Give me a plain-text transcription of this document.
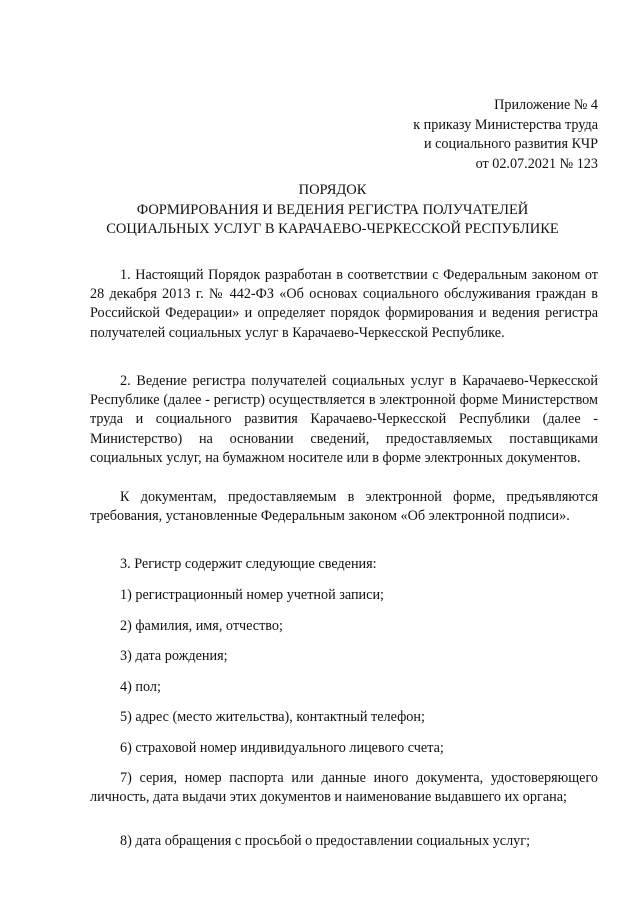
Приложение № 4
к приказу Министерства труда
и социального развития КЧР
от 02.07.2021 № 123
ПОРЯДОК
ФОРМИРОВАНИЯ И ВЕДЕНИЯ РЕГИСТРА ПОЛУЧАТЕЛЕЙ
СОЦИАЛЬНЫХ УСЛУГ В КАРАЧАЕВО-ЧЕРКЕССКОЙ РЕСПУБЛИКЕ

1. Настоящий Порядок разработан в соответствии с Федеральным законом от 28 декабря 2013 г. № 442-ФЗ «Об основах социального обслуживания граждан в Российской Федерации» и определяет порядок формирования и ведения регистра получателей социальных услуг в Карачаево-Черкесской Республике.

2. Ведение регистра получателей социальных услуг в Карачаево-Черкесской Республике (далее - регистр) осуществляется в электронной форме Министерством труда и социального развития Карачаево-Черкесской Республики (далее - Министерство) на основании сведений, предоставляемых поставщиками социальных услуг, на бумажном носителе или в форме электронных документов.

К документам, предоставляемым в электронной форме, предъявляются требования, установленные Федеральным законом «Об электронной подписи».

3. Регистр содержит следующие сведения:

1) регистрационный номер учетной записи;

2) фамилия, имя, отчество;

3) дата рождения;

4) пол;

5) адрес (место жительства), контактный телефон;

6) страховой номер индивидуального лицевого счета;

7) серия, номер паспорта или данные иного документа, удостоверяющего личность, дата выдачи этих документов и наименование выдавшего их органа;

8) дата обращения с просьбой о предоставлении социальных услуг;
